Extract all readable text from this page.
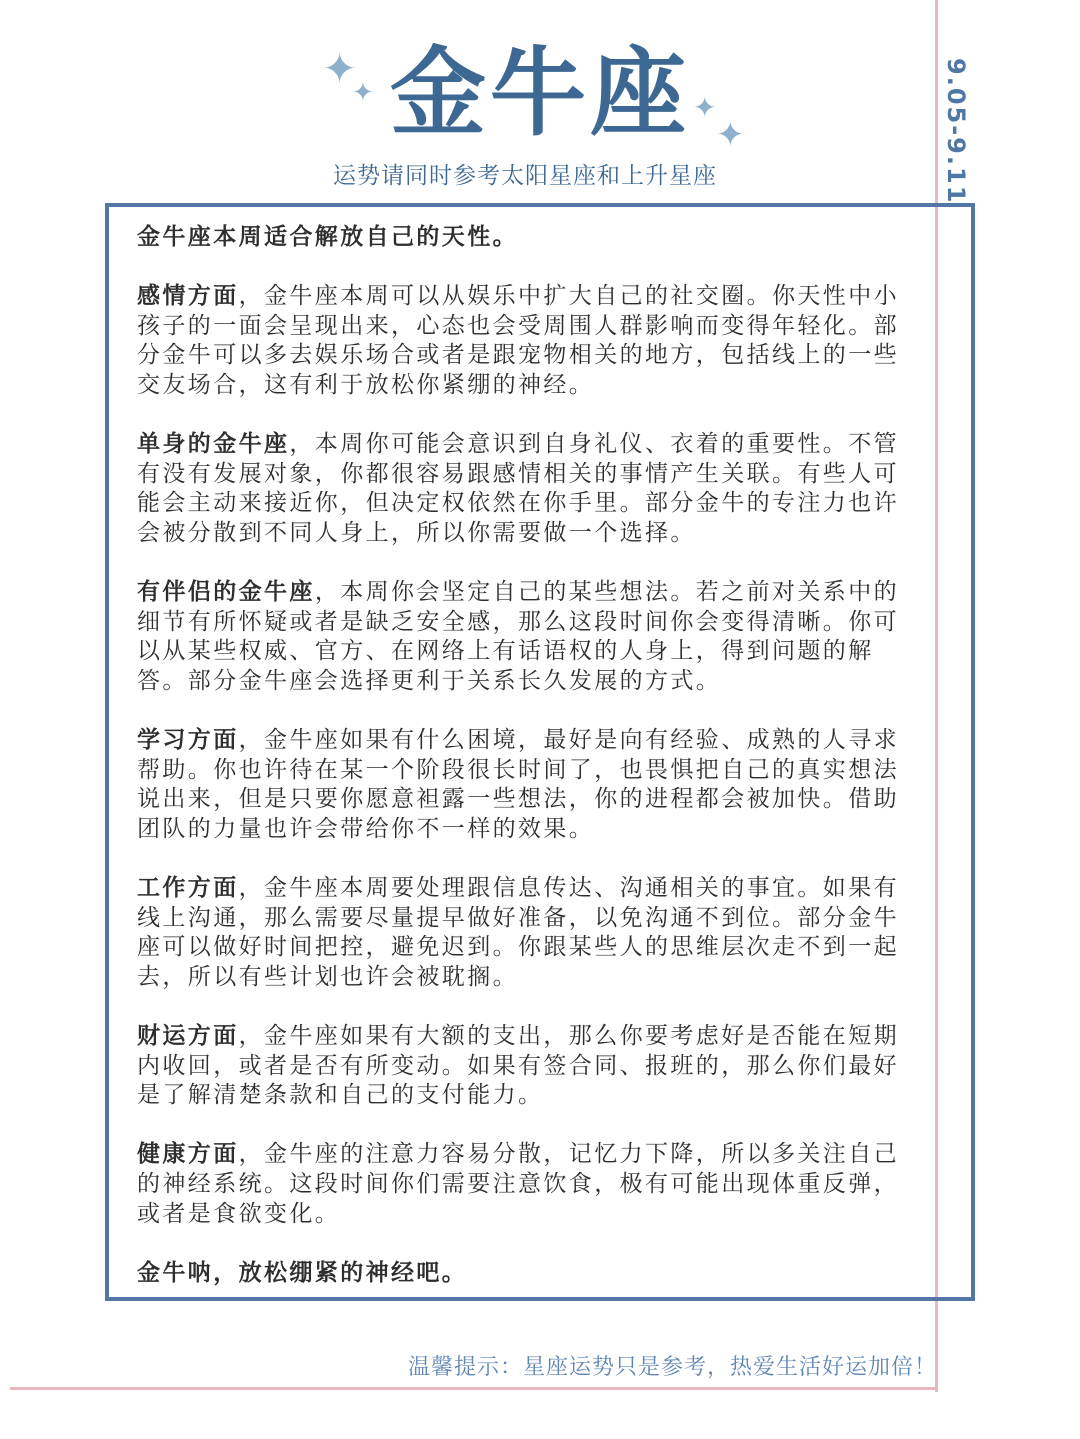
✦
✦	✦
✦
金牛座
运势请同时参考太阳星座和上升星座	9.05-9.11

金牛座本周适合解放自己的天性。

感情方面，金牛座本周可以从娱乐中扩大自己的社交圈。你天性中小孩子的一面会呈现出来，心态也会受周围人群影响而变得年轻化。部分金牛可以多去娱乐场合或者是跟宠物相关的地方，包括线上的一些交友场合，这有利于放松你紧绷的神经。

单身的金牛座，本周你可能会意识到自身礼仪、衣着的重要性。不管有没有发展对象，你都很容易跟感情相关的事情产生关联。有些人可能会主动来接近你，但决定权依然在你手里。部分金牛的专注力也许会被分散到不同人身上，所以你需要做一个选择。

有伴侣的金牛座，本周你会坚定自己的某些想法。若之前对关系中的细节有所怀疑或者是缺乏安全感，那么这段时间你会变得清晰。你可以从某些权威、官方、在网络上有话语权的人身上，得到问题的解答。部分金牛座会选择更利于关系长久发展的方式。

学习方面，金牛座如果有什么困境，最好是向有经验、成熟的人寻求帮助。你也许待在某一个阶段很长时间了，也畏惧把自己的真实想法说出来，但是只要你愿意袒露一些想法，你的进程都会被加快。借助团队的力量也许会带给你不一样的效果。

工作方面，金牛座本周要处理跟信息传达、沟通相关的事宜。如果有线上沟通，那么需要尽量提早做好准备，以免沟通不到位。部分金牛座可以做好时间把控，避免迟到。你跟某些人的思维层次走不到一起去，所以有些计划也许会被耽搁。

财运方面，金牛座如果有大额的支出，那么你要考虑好是否能在短期内收回，或者是否有所变动。如果有签合同、报班的，那么你们最好是了解清楚条款和自己的支付能力。

健康方面，金牛座的注意力容易分散，记忆力下降，所以多关注自己的神经系统。这段时间你们需要注意饮食，极有可能出现体重反弹，或者是食欲变化。

金牛呐，放松绷紧的神经吧。

温馨提示：星座运势只是参考，热爱生活好运加倍！
